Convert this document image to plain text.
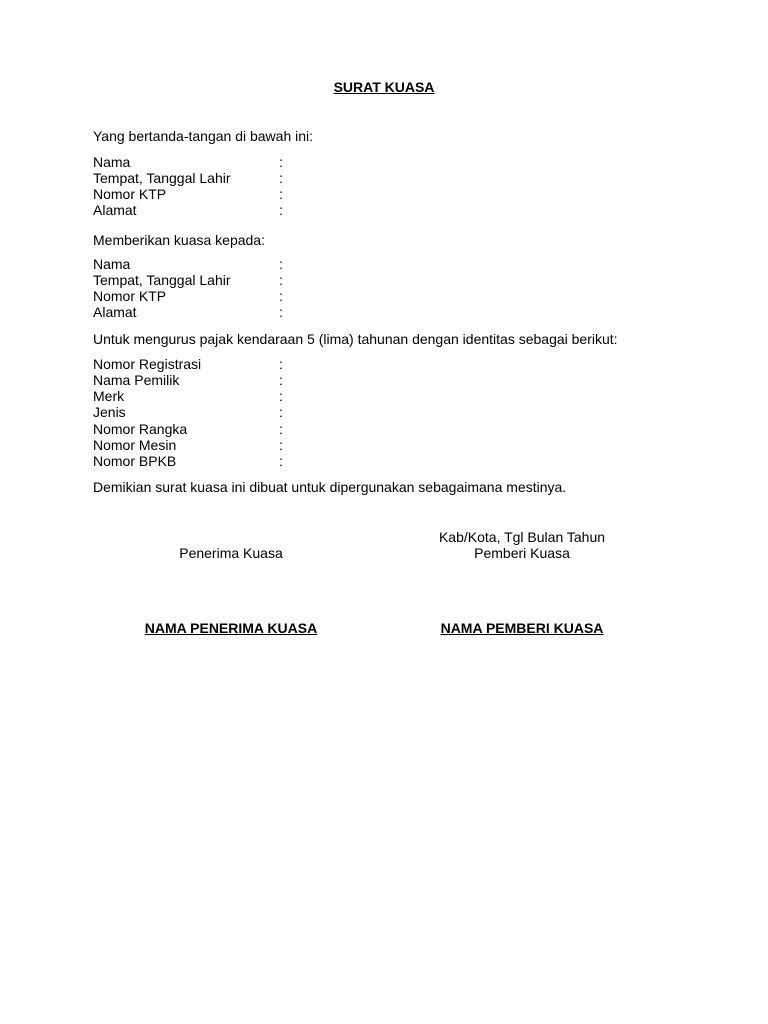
SURAT KUASA
Yang bertanda-tangan di bawah ini:
Nama	:
Tempat, Tanggal Lahir	:
Nomor KTP	:
Alamat	:
Memberikan kuasa kepada:
Nama	:
Tempat, Tanggal Lahir	:
Nomor KTP	:
Alamat	:
Untuk mengurus pajak kendaraan 5 (lima) tahunan dengan identitas sebagai berikut:
Nomor Registrasi	:
Nama Pemilik	:
Merk	:
Jenis	:
Nomor Rangka	:
Nomor Mesin	:
Nomor BPKB	:
Demikian surat kuasa ini dibuat untuk dipergunakan sebagaimana mestinya.
Kab/Kota, Tgl Bulan Tahun
Penerima Kuasa	Pemberi Kuasa
NAMA PENERIMA KUASA	NAMA PEMBERI KUASA
